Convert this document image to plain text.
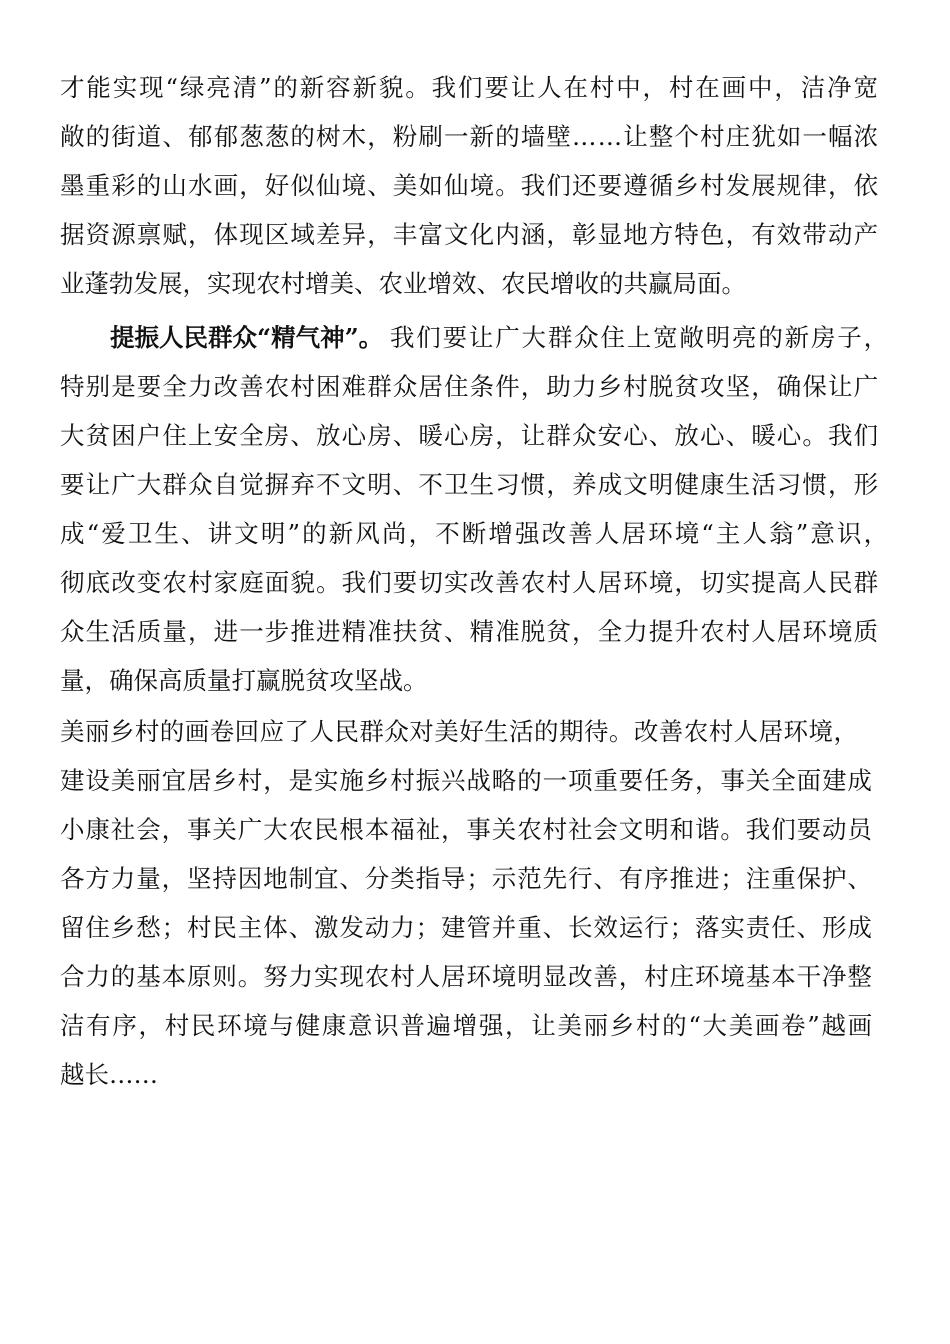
才能实现“绿亮清”的新容新貌。我们要让人在村中，村在画中，洁净宽
敞的街道、郁郁葱葱的树木，粉刷一新的墙壁……让整个村庄犹如一幅浓
墨重彩的山水画，好似仙境、美如仙境。我们还要遵循乡村发展规律，依
据资源禀赋，体现区域差异，丰富文化内涵，彰显地方特色，有效带动产
业蓬勃发展，实现农村增美、农业增效、农民增收的共赢局面。
提振人民群众“精气神”。 我们要让广大群众住上宽敞明亮的新房子，
特别是要全力改善农村困难群众居住条件，助力乡村脱贫攻坚，确保让广
大贫困户住上安全房、放心房、暖心房，让群众安心、放心、暖心。我们
要让广大群众自觉摒弃不文明、不卫生习惯，养成文明健康生活习惯，形
成“爱卫生、讲文明”的新风尚，不断增强改善人居环境“主人翁”意识，
彻底改变农村家庭面貌。我们要切实改善农村人居环境，切实提高人民群
众生活质量，进一步推进精准扶贫、精准脱贫，全力提升农村人居环境质
量，确保高质量打赢脱贫攻坚战。
美丽乡村的画卷回应了人民群众对美好生活的期待。改善农村人居环境，
建设美丽宜居乡村，是实施乡村振兴战略的一项重要任务，事关全面建成
小康社会，事关广大农民根本福祉，事关农村社会文明和谐。我们要动员
各方力量，坚持因地制宜、分类指导；示范先行、有序推进；注重保护、
留住乡愁；村民主体、激发动力；建管并重、长效运行；落实责任、形成
合力的基本原则。努力实现农村人居环境明显改善，村庄环境基本干净整
洁有序，村民环境与健康意识普遍增强，让美丽乡村的“大美画卷”越画
越长……
